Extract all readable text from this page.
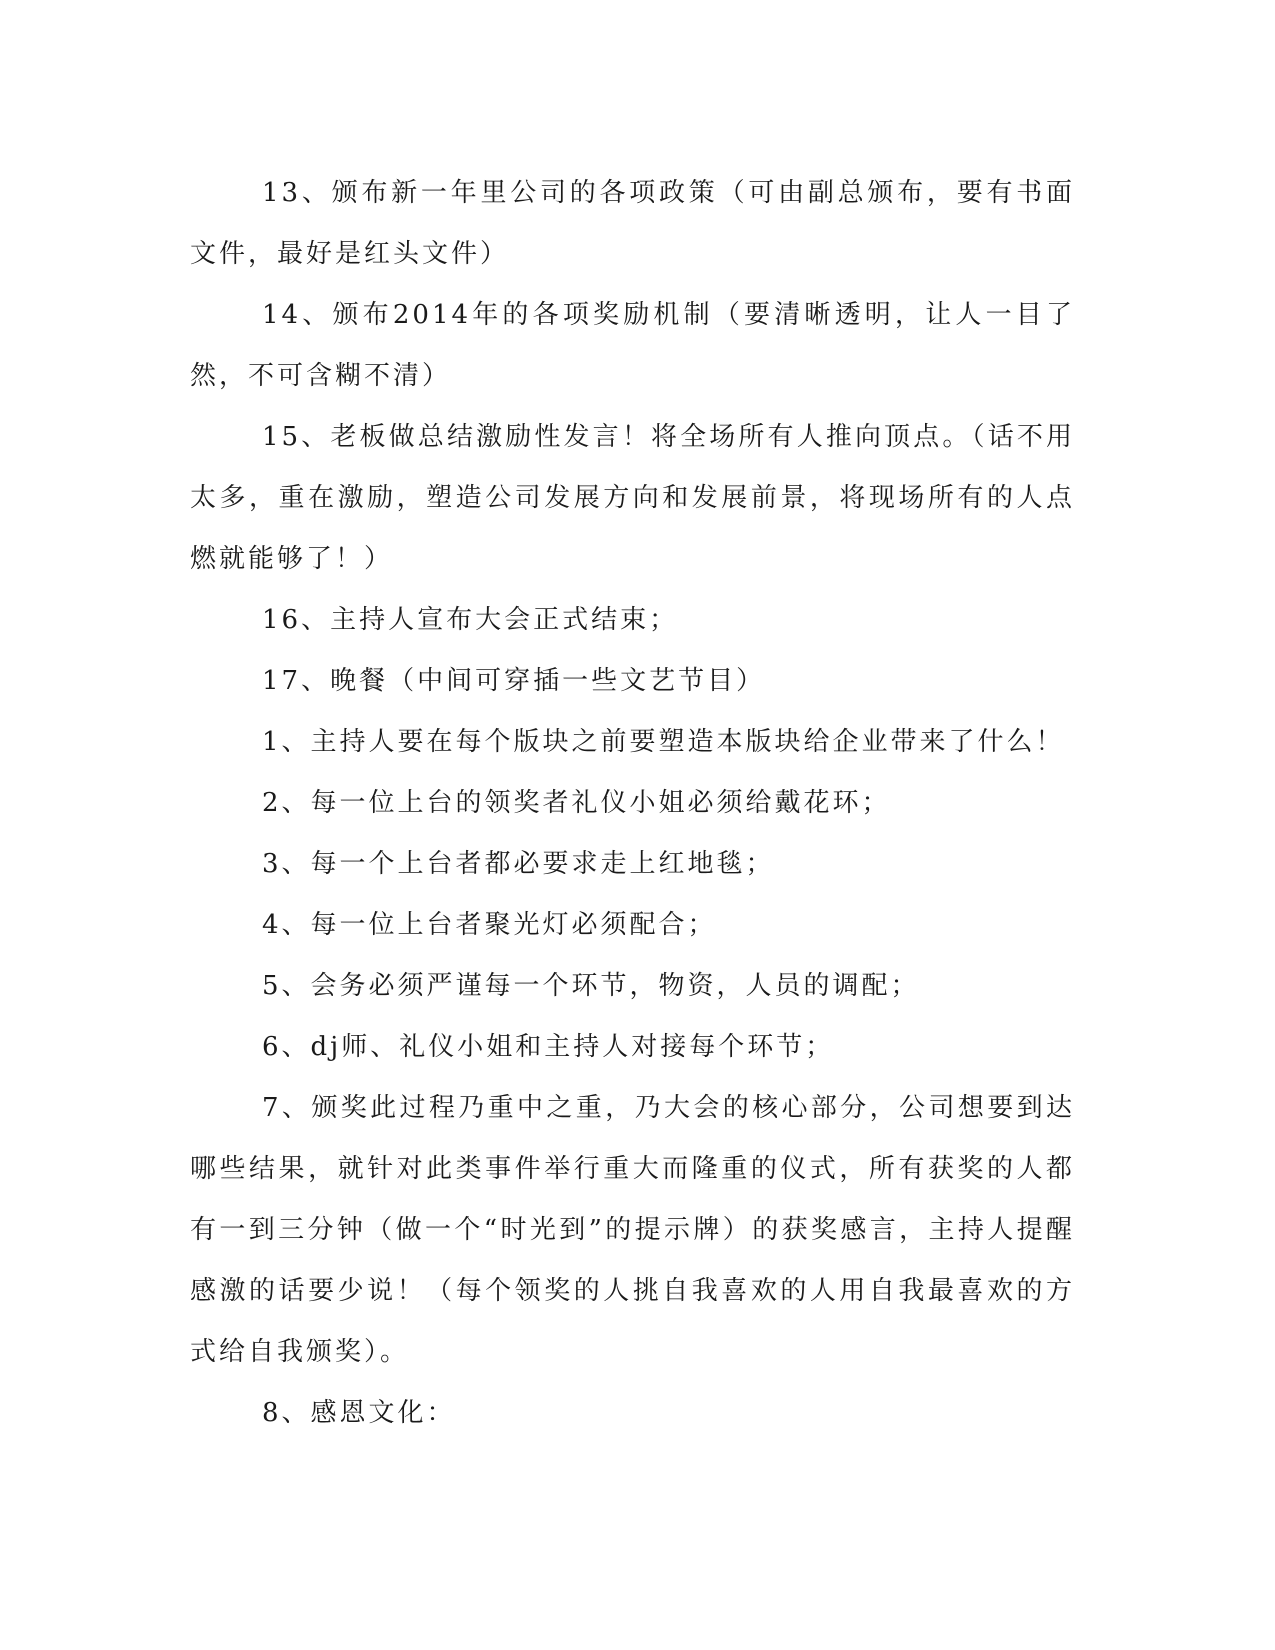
13、颁布新一年里公司的各项政策（可由副总颁布，要有书面文件，最好是红头文件）

14、颁布2014年的各项奖励机制（要清晰透明，让人一目了然，不可含糊不清）

15、老板做总结激励性发言！将全场所有人推向顶点。（话不用太多，重在激励，塑造公司发展方向和发展前景，将现场所有的人点燃就能够了！）

16、主持人宣布大会正式结束；

17、晚餐（中间可穿插一些文艺节目）

1、主持人要在每个版块之前要塑造本版块给企业带来了什么！

2、每一位上台的领奖者礼仪小姐必须给戴花环；

3、每一个上台者都必要求走上红地毯；

4、每一位上台者聚光灯必须配合；

5、会务必须严谨每一个环节，物资，人员的调配；

6、dj师、礼仪小姐和主持人对接每个环节；

7、颁奖此过程乃重中之重，乃大会的核心部分，公司想要到达哪些结果，就针对此类事件举行重大而隆重的仪式，所有获奖的人都有一到三分钟（做一个“时光到”的提示牌）的获奖感言，主持人提醒感激的话要少说！（每个领奖的人挑自我喜欢的人用自我最喜欢的方式给自我颁奖）。

8、感恩文化：
